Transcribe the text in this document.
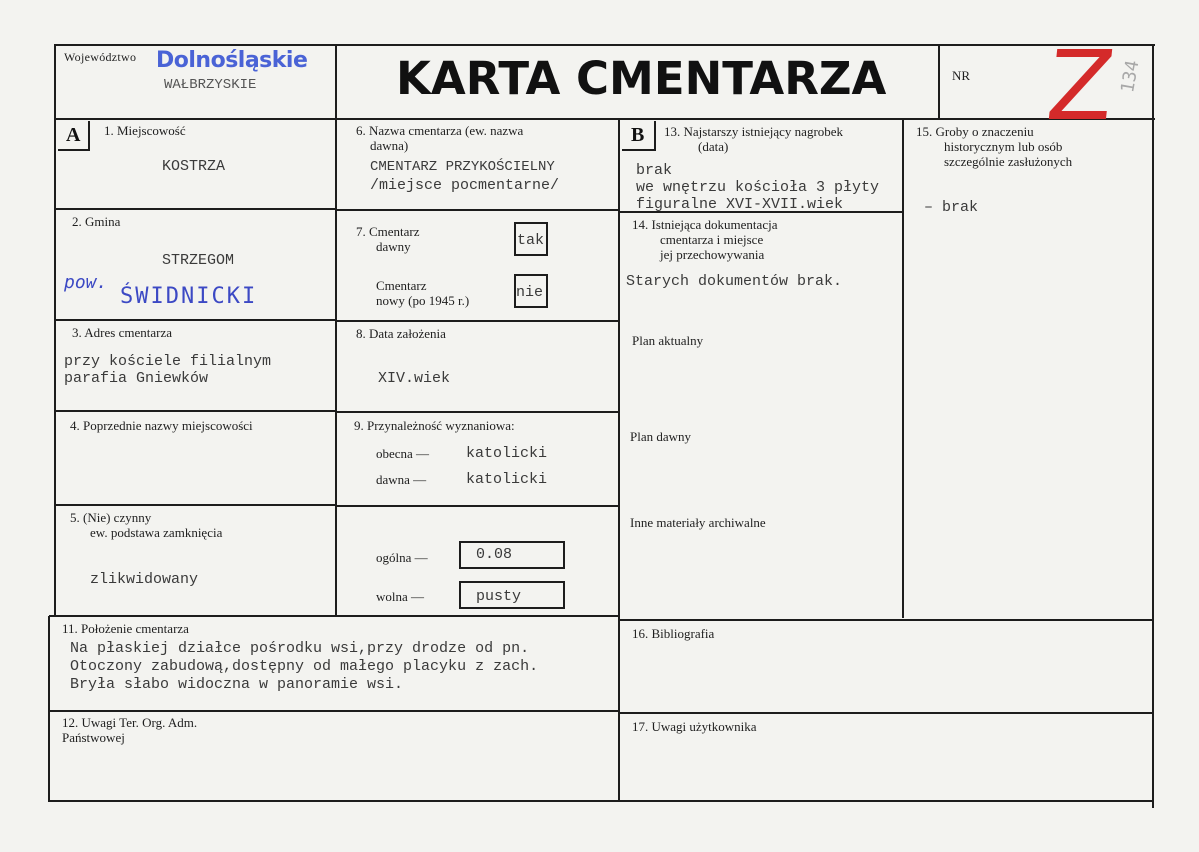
Województwo Dolnośląskie
WAŁBRZYSKIE	KARTA CMENTARZA	NR Z
134
A	B
1. Miejscowość
KOSTRZA
2. Gmina
STRZEGOM
pow.
ŚWIDNICKI
3. Adres cmentarza
przy kościele filialnym
parafia Gniewków
4. Poprzednie nazwy miejscowości
5. (Nie) czynny
ew. podstawa zamknięcia
zlikwidowany
6. Nazwa cmentarza (ew. nazwa
dawna)
CMENTARZ PRZYKOŚCIELNY
/miejsce pocmentarne/
7. Cmentarz
dawny	tak
Cmentarz
nowy (po 1945 r.)	nie
8. Data założenia
XIV.wiek
9. Przynależność wyznaniowa:
obecna — katolicki
dawna —	katolicki
ogólna —	0.08
wolna —	pusty
11. Położenie cmentarza
Na płaskiej działce pośrodku wsi,przy drodze od pn.
Otoczony zabudową,dostępny od małego placyku z zach.
Bryła słabo widoczna w panoramie wsi.
12. Uwagi Ter. Org. Adm.
Państwowej
13. Najstarszy istniejący nagrobek
(data)
brak
we wnętrzu kościoła 3 płyty
figuralne XVI-XVII.wiek
14. Istniejąca dokumentacja
cmentarza i miejsce
jej przechowywania
Starych dokumentów brak.
Plan aktualny
Plan dawny
Inne materiały archiwalne
15. Groby o znaczeniu
historycznym lub osób
szczególnie zasłużonych
– brak
16. Bibliografia
17. Uwagi użytkownika
